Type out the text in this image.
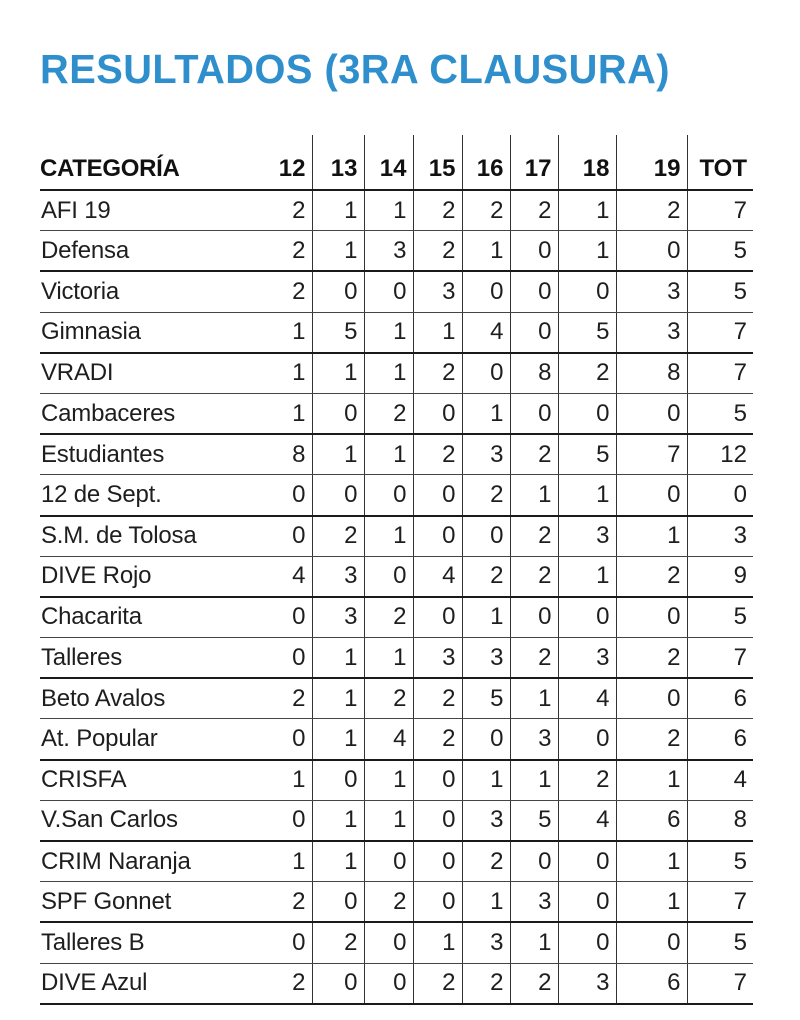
RESULTADOS (3RA CLAUSURA)
CATEGORÍA	12	13	14	15	16	17	18	19	TOT
AFI 19	2	1	1	2	2	2	1	2	7
Defensa	2	1	3	2	1	0	1	0	5
Victoria	2	0	0	3	0	0	0	3	5
Gimnasia	1	5	1	1	4	0	5	3	7
VRADI	1	1	1	2	0	8	2	8	7
Cambaceres	1	0	2	0	1	0	0	0	5
Estudiantes	8	1	1	2	3	2	5	7	12
12 de Sept.	0	0	0	0	2	1	1	0	0
S.M. de Tolosa	0	2	1	0	0	2	3	1	3
DIVE Rojo	4	3	0	4	2	2	1	2	9
Chacarita	0	3	2	0	1	0	0	0	5
Talleres	0	1	1	3	3	2	3	2	7
Beto Avalos	2	1	2	2	5	1	4	0	6
At. Popular	0	1	4	2	0	3	0	2	6
CRISFA	1	0	1	0	1	1	2	1	4
V.San Carlos	0	1	1	0	3	5	4	6	8
CRIM Naranja	1	1	0	0	2	0	0	1	5
SPF Gonnet	2	0	2	0	1	3	0	1	7
Talleres B	0	2	0	1	3	1	0	0	5
DIVE Azul	2	0	0	2	2	2	3	6	7
